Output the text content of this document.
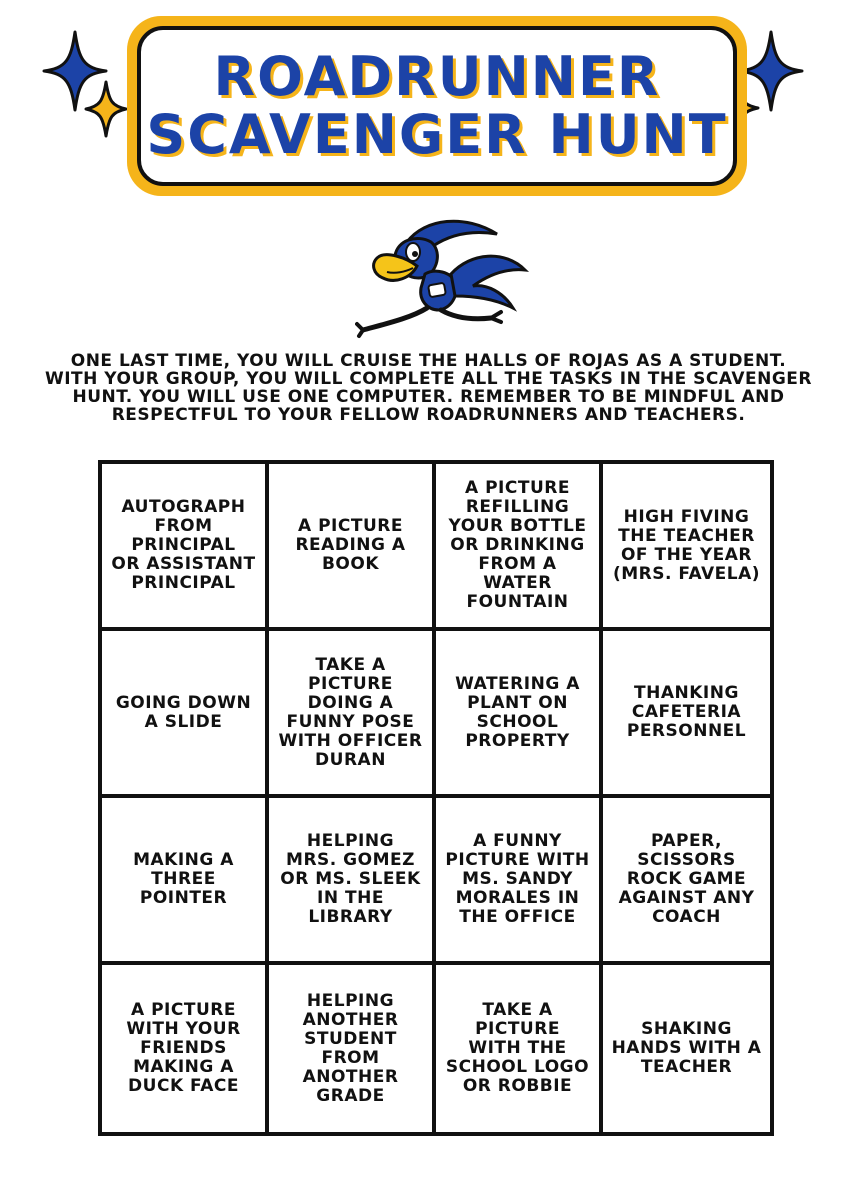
ROADRUNNER
SCAVENGER HUNT
ONE LAST TIME, YOU WILL CRUISE THE HALLS OF ROJAS AS A STUDENT.
WITH YOUR GROUP, YOU WILL COMPLETE ALL THE TASKS IN THE SCAVENGER
HUNT. YOU WILL USE ONE COMPUTER. REMEMBER TO BE MINDFUL AND
RESPECTFUL TO YOUR FELLOW ROADRUNNERS AND TEACHERS.
AUTOGRAPH
FROM
PRINCIPAL
OR ASSISTANT
PRINCIPAL
A PICTURE
READING A
BOOK
A PICTURE
REFILLING
YOUR BOTTLE
OR DRINKING
FROM A WATER
FOUNTAIN
HIGH FIVING
THE TEACHER
OF THE YEAR
(MRS. FAVELA)
GOING DOWN
A SLIDE
TAKE A
PICTURE
DOING A
FUNNY POSE
WITH OFFICER
DURAN
WATERING A
PLANT ON
SCHOOL
PROPERTY
THANKING
CAFETERIA
PERSONNEL
MAKING A
THREE
POINTER
HELPING
MRS. GOMEZ
OR MS. SLEEK
IN THE
LIBRARY
A FUNNY
PICTURE WITH
MS. SANDY
MORALES IN
THE OFFICE
PAPER,
SCISSORS
ROCK GAME
AGAINST ANY
COACH
A PICTURE
WITH YOUR
FRIENDS
MAKING A
DUCK FACE
HELPING
ANOTHER
STUDENT
FROM
ANOTHER
GRADE
TAKE A
PICTURE
WITH THE
SCHOOL LOGO
OR ROBBIE
SHAKING
HANDS WITH A
TEACHER
